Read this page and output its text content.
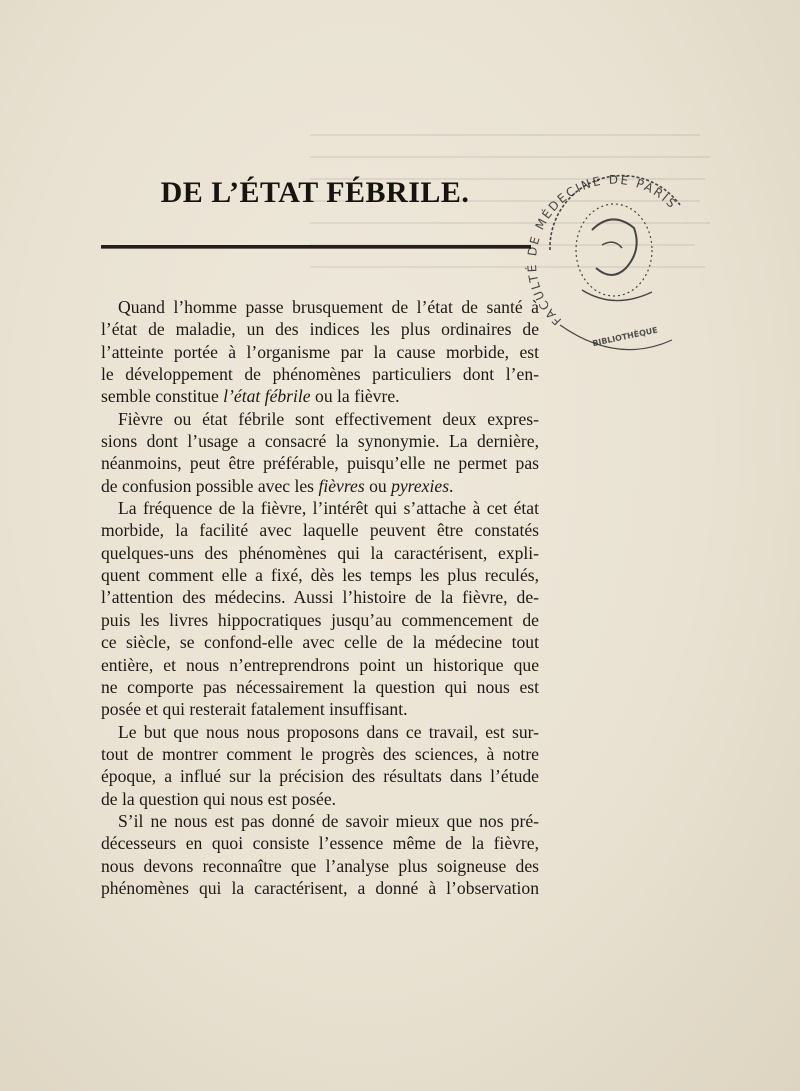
DE L’ÉTAT FÉBRILE.
FACULTÉ DE MÉDECINE DE PARIS
BIBLIOTHÈQUE
Quand l’homme passe brusquement de l’état de santé à
l’état de maladie, un des indices les plus ordinaires de
l’atteinte portée à l’organisme par la cause morbide, est
le développement de phénomènes particuliers dont l’en-
semble constitue l’état fébrile ou la fièvre.
Fièvre ou état fébrile sont effectivement deux expres-
sions dont l’usage a consacré la synonymie. La dernière,
néanmoins, peut être préférable, puisqu’elle ne permet pas
de confusion possible avec les fièvres ou pyrexies.
La fréquence de la fièvre, l’intérêt qui s’attache à cet état
morbide, la facilité avec laquelle peuvent être constatés
quelques-uns des phénomènes qui la caractérisent, expli-
quent comment elle a fixé, dès les temps les plus reculés,
l’attention des médecins. Aussi l’histoire de la fièvre, de-
puis les livres hippocratiques jusqu’au commencement de
ce siècle, se confond-elle avec celle de la médecine tout
entière, et nous n’entreprendrons point un historique que
ne comporte pas nécessairement la question qui nous est
posée et qui resterait fatalement insuffisant.
Le but que nous nous proposons dans ce travail, est sur-
tout de montrer comment le progrès des sciences, à notre
époque, a influé sur la précision des résultats dans l’étude
de la question qui nous est posée.
S’il ne nous est pas donné de savoir mieux que nos pré-
décesseurs en quoi consiste l’essence même de la fièvre,
nous devons reconnaître que l’analyse plus soigneuse des
phénomènes qui la caractérisent, a donné à l’observation
